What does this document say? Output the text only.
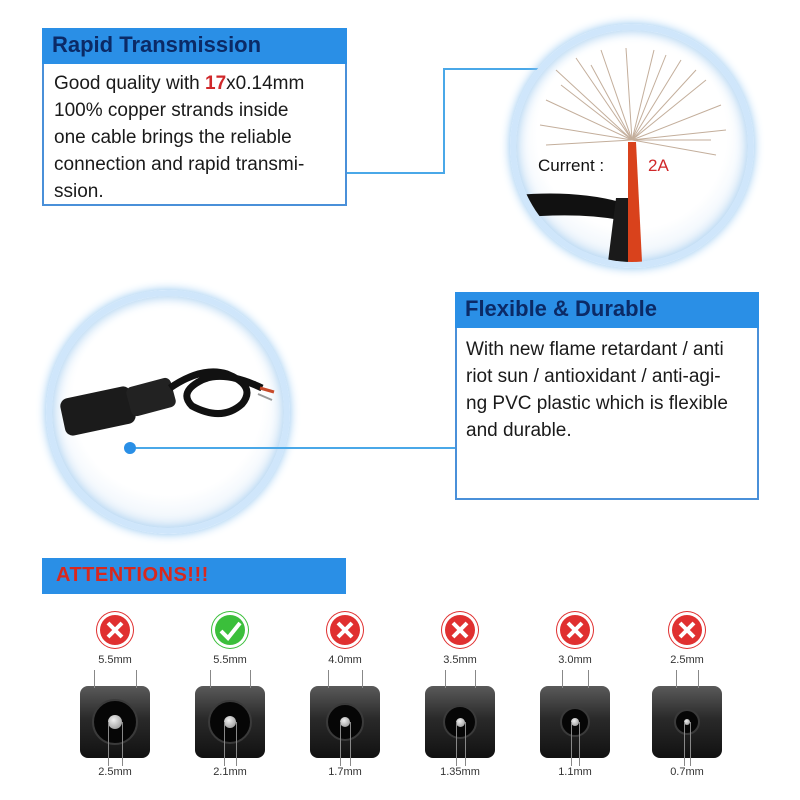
Rapid Transmission
Good quality with 17x0.14mm
100% copper strands inside
one cable brings the reliable
connection and rapid transmi-
ssion.
Current :	2A
Flexible & Durable
With new flame retardant / anti
riot sun / antioxidant / anti-agi-
ng PVC plastic which is flexible
and durable.
ATTENTIONS!!!
5.5mm
2.5mm
5.5mm
2.1mm
4.0mm
1.7mm
3.5mm
1.35mm
3.0mm
1.1mm
2.5mm
0.7mm
